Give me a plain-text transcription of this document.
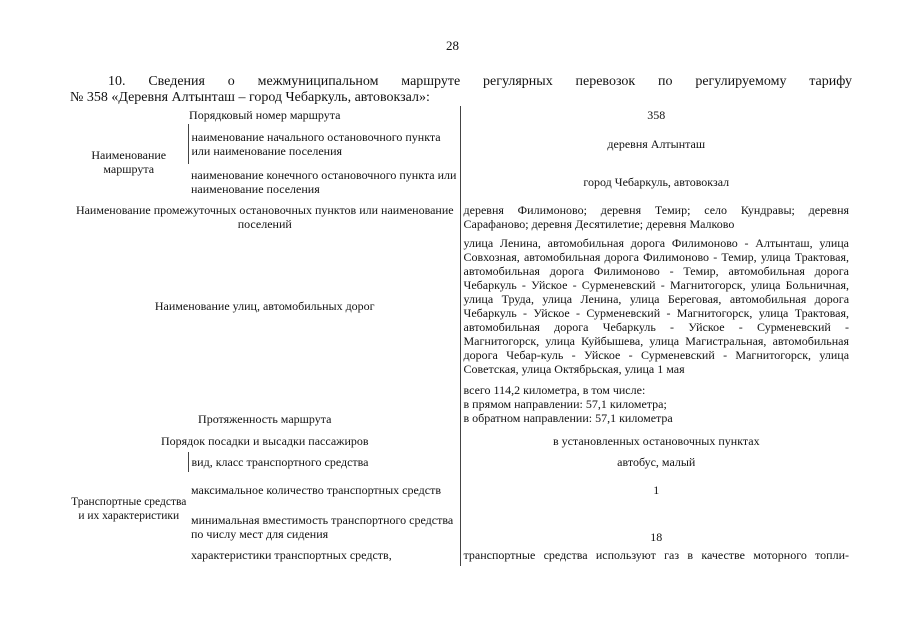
28
10. Сведения о межмуниципальном маршруте регулярных перевозок по регулируемому тарифу
№ 358 «Деревня Алтынташ – город Чебаркуль, автовокзал»:
Порядковый номер маршрута		358
Наименование маршрута	наименование начального остановочного пункта или наименование поселения	деревня Алтынташ
	наименование конечного остановочного пункта или наименование поселения	город Чебаркуль, автовокзал
Наименование промежуточных остановочных пунктов или наименование поселений		деревня Филимоново; деревня Темир; село Кундравы; деревня Сарафаново; деревня Десятилетие; деревня Малково
Наименование улиц, автомобильных дорог		улица Ленина, автомобильная дорога Филимоново - Алтынташ, улица Совхозная, автомобильная дорога Филимоново - Темир, улица Трактовая, автомобильная дорога Филимоново - Темир, автомобильная дорога Чебаркуль - Уйское - Сурменевский - Магнитогорск, улица Больничная, улица Труда, улица Ленина, улица Береговая, автомобильная дорога Чебаркуль - Уйское - Сурменевский - Магнитогорск, улица Трактовая, автомобильная дорога Чебаркуль - Уйское - Сурменевский - Магнитогорск, улица Куйбышева, улица Магистральная, автомобильная дорога Чебар-куль - Уйское - Сурменевский - Магнитогорск, улица Советская, улица Октябрьская, улица 1 мая
Протяженность маршрута		всего 114,2 километра, в том числе:
в прямом направлении: 57,1 километра;
в обратном направлении: 57,1 километра

Порядок посадки и высадки пассажиров		в установленных остановочных пунктах
Транспортные средства и их характеристики	вид, класс транспортного средства	автобус, малый
	максимальное количество транспортных средств	1
	минимальная вместимость транспортного средства по числу мест для сидения	18
	характеристики транспортных средств,	транспортные средства используют газ в качестве моторного топли-
